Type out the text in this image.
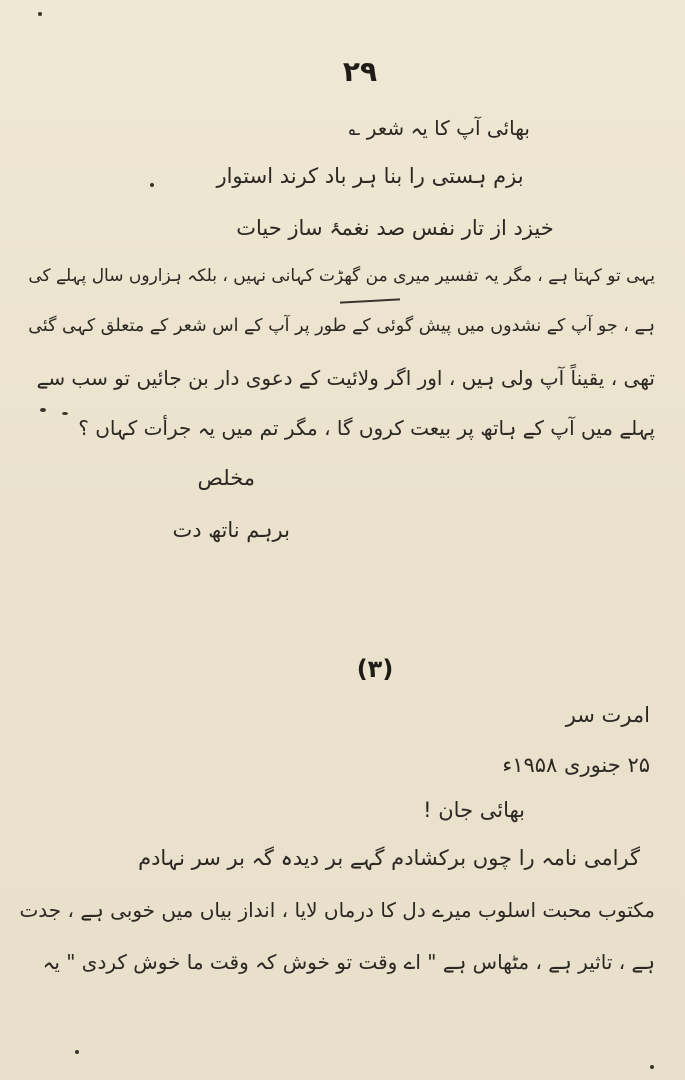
۲۹
بھائی آپ کا یہ شعر ؎
بزم ہستی را بنا ہر باد کرند استوار
خیزد از تار نفس صد نغمۂ ساز حیات
یہی تو کہتا ہے ، مگر یہ تفسیر میری من گھڑت کہانی نہیں ، بلکہ ہزاروں سال پہلے کی
ہے ، جو آپ کے نشدوں میں پیش گوئی کے طور پر آپ کے اس شعر کے متعلق کہی گئی
تھی ، یقیناً آپ ولی ہیں ، اور اگر ولائیت کے دعوی دار بن جائیں تو سب سے
پہلے میں آپ کے ہاتھ پر بیعت کروں گا ، مگر تم میں یہ جرأت کہاں ؟
مخلص
برہم ناتھ دت
(۳)
امرت سر
۲۵ جنوری ۱۹۵۸ء
بھائی جان !
گرامی نامہ را چوں برکشادم گہے بر دیدہ گہ بر سر نہادم
مکتوب محبت اسلوب میرے دل کا درماں لایا ، انداز بیاں میں خوبی ہے ، جدت
ہے ، تاثیر ہے ، مٹھاس ہے " اے وقت تو خوش کہ وقت ما خوش کردی " یہ
